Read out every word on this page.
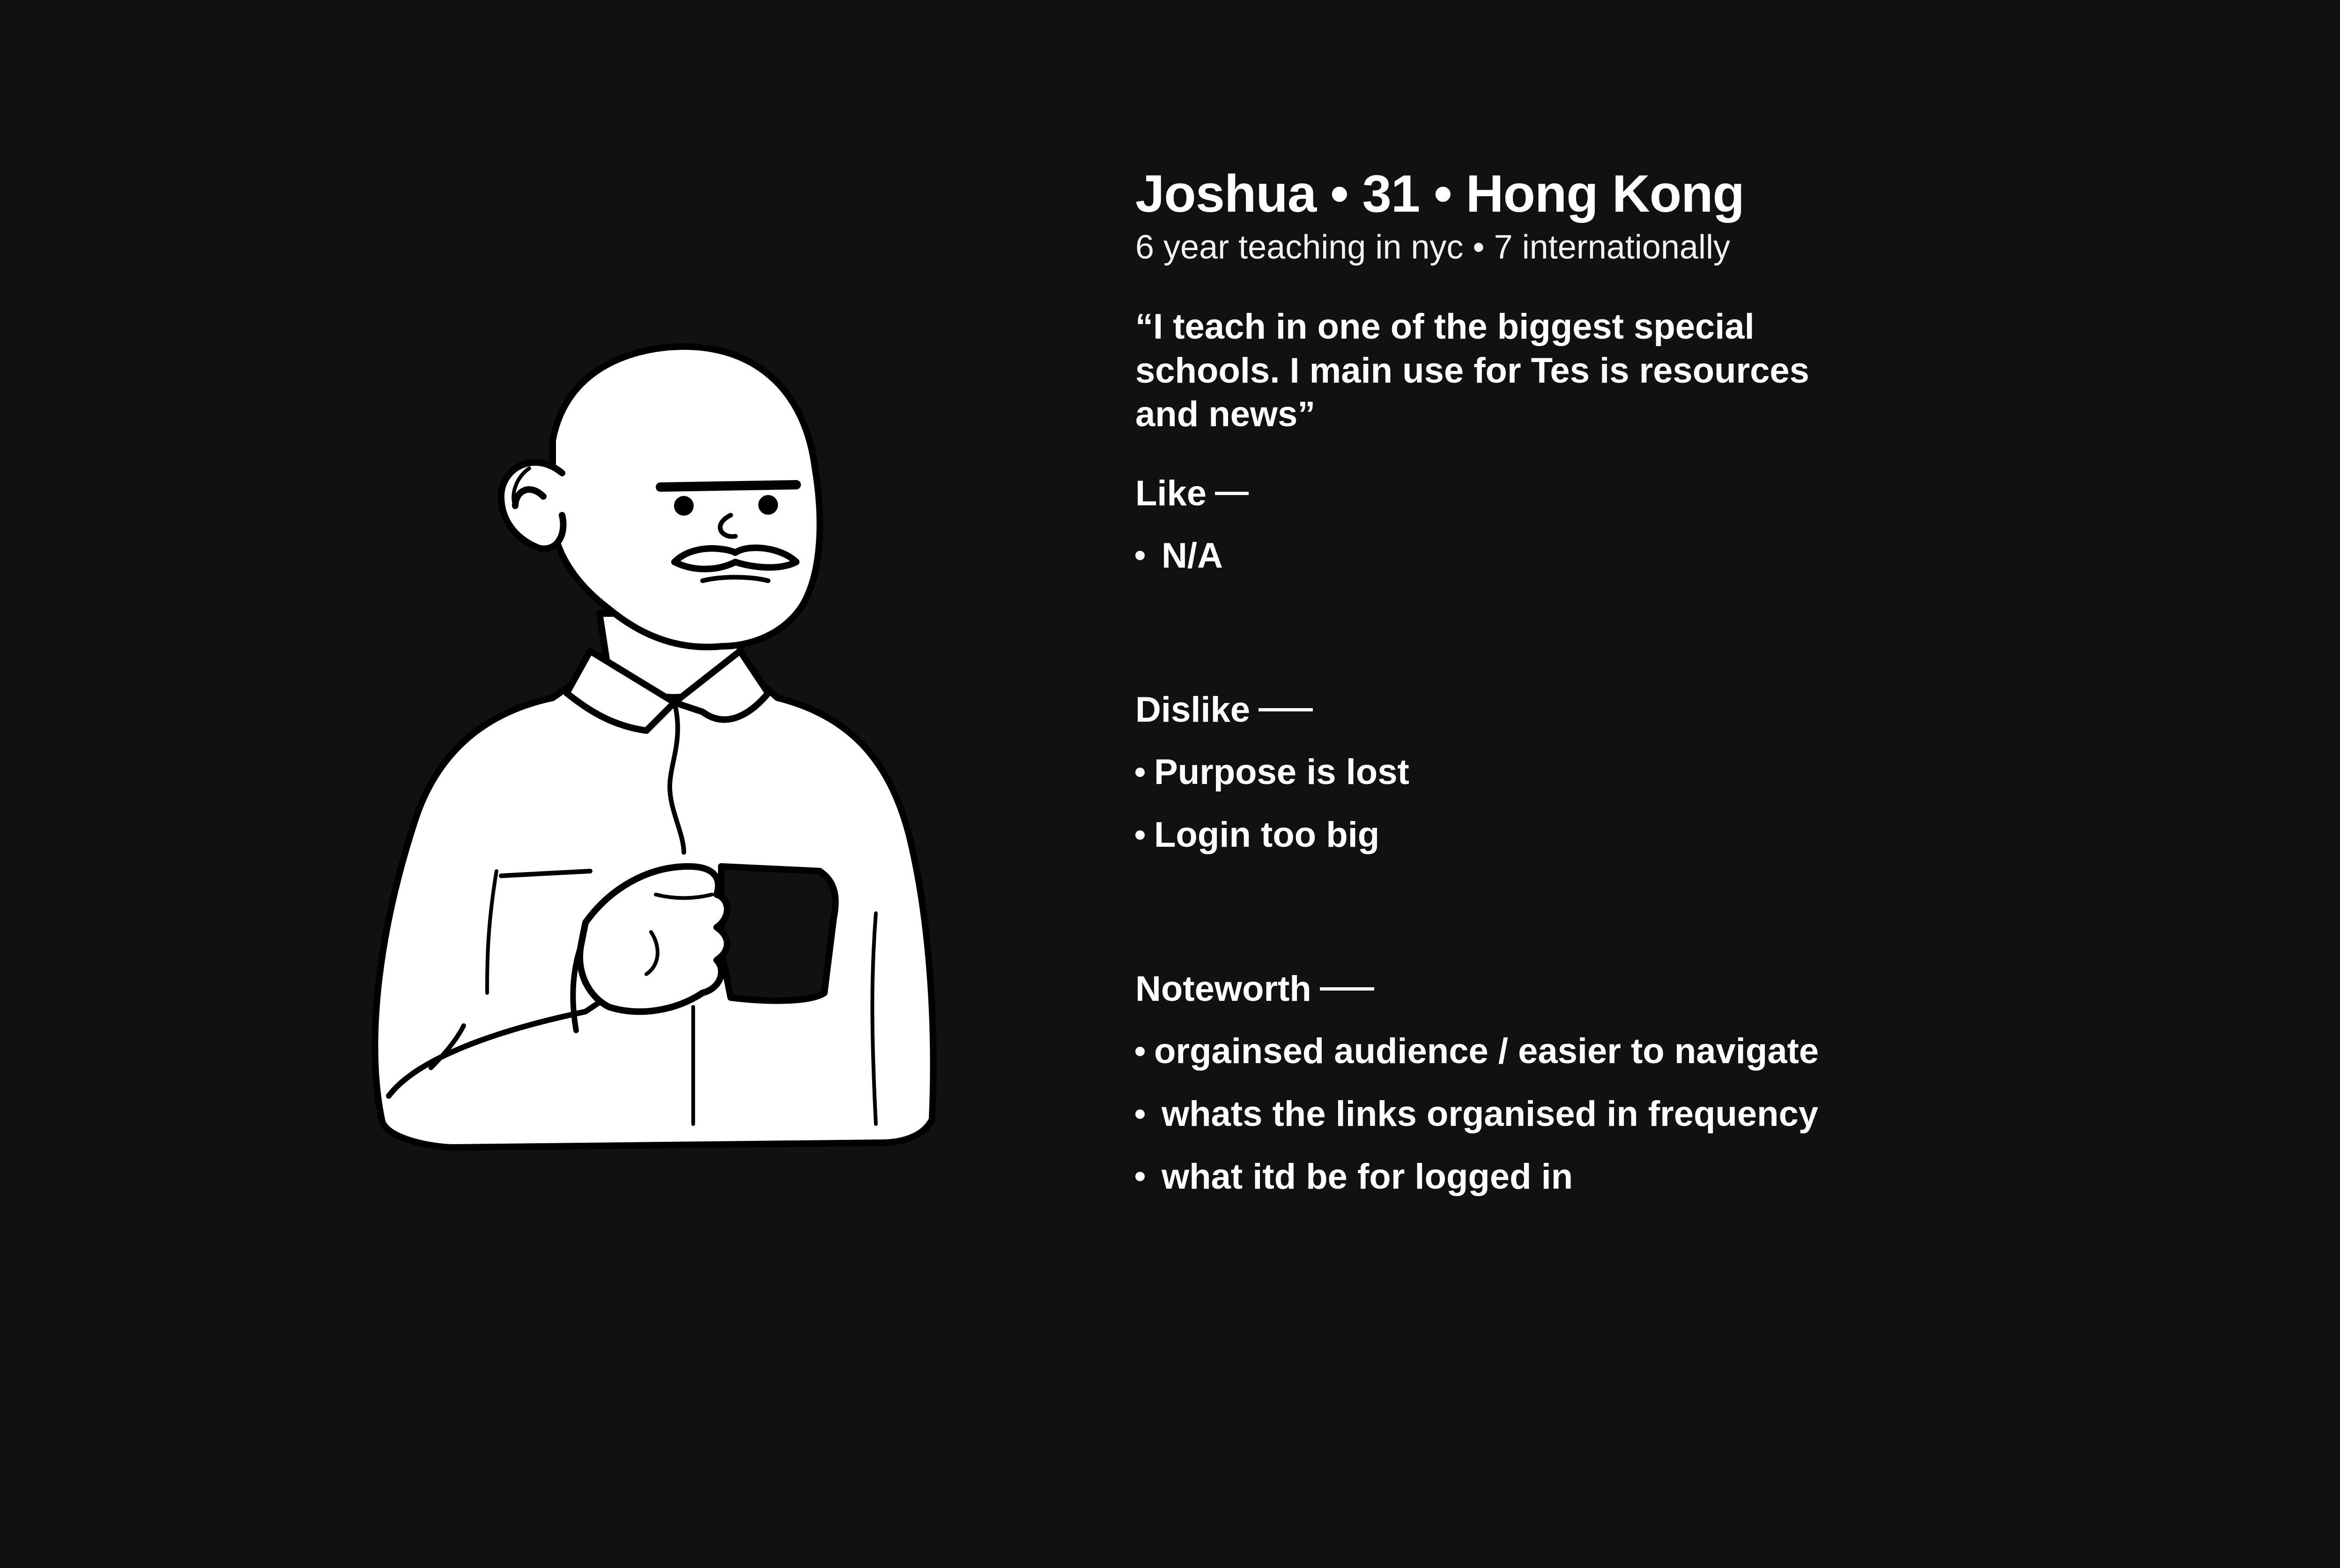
Joshua • 31 • Hong Kong

6 year teaching in nyc • 7 internationally

“I teach in one of the biggest special schools. I main use for Tes is resources and news”

Like
N/A
Dislike
Purpose is lost
Login too big
Noteworth
orgainsed audience / easier to navigate
whats the links organised in frequency
what itd be for logged in
